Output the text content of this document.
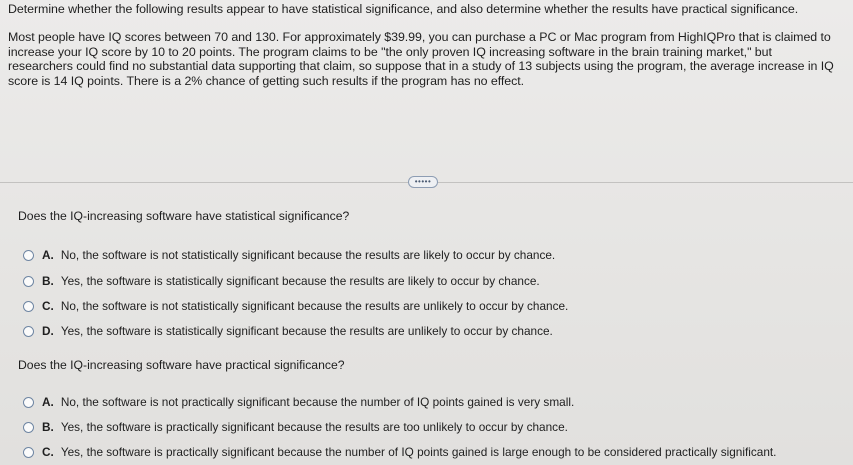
Determine whether the following results appear to have statistical significance, and also determine whether the results have practical significance.
Most people have IQ scores between 70 and 130. For approximately $39.99, you can purchase a PC or Mac program from HighIQPro that is claimed to
increase your IQ score by 10 to 20 points. The program claims to be "the only proven IQ increasing software in the brain training market," but
researchers could find no substantial data supporting that claim, so suppose that in a study of 13 subjects using the program, the average increase in IQ
score is 14 IQ points. There is a 2% chance of getting such results if the program has no effect.
•••••
Does the IQ-increasing software have statistical significance?
A. No, the software is not statistically significant because the results are likely to occur by chance.
B. Yes, the software is statistically significant because the results are likely to occur by chance.
C. No, the software is not statistically significant because the results are unlikely to occur by chance.
D. Yes, the software is statistically significant because the results are unlikely to occur by chance.
Does the IQ-increasing software have practical significance?
A. No, the software is not practically significant because the number of IQ points gained is very small.
B. Yes, the software is practically significant because the results are too unlikely to occur by chance.
C. Yes, the software is practically significant because the number of IQ points gained is large enough to be considered practically significant.
